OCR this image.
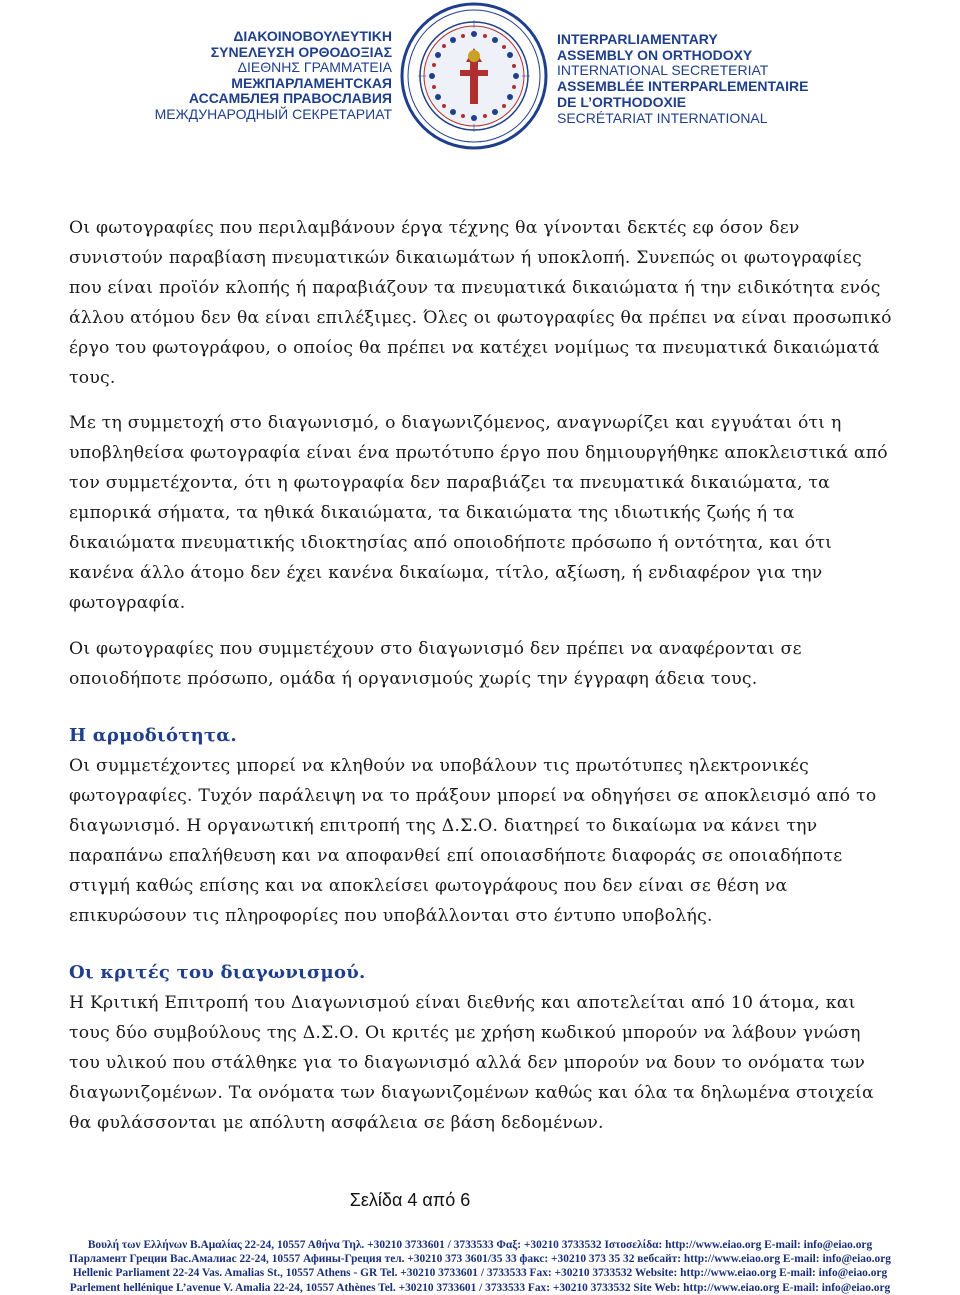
ΔΙΑΚΟΙΝΟΒΟΥΛΕΥΤΙΚΗ
ΣΥΝΕΛΕΥΣΗ ΟΡΘΟΔΟΞΙΑΣ
ΔΙΕΘΝΗΣ ΓΡΑΜΜΑΤΕΙΑ
МЕЖПАРЛАМЕНТСКАЯ
АССАМБЛЕЯ ПРАВОСЛАВИЯ
МЕЖДУНАРОДНЫЙ СЕКРЕТАРИАТ
INTERPARLIAMENTARY
ASSEMBLY ON ORTHODOXY
INTERNATIONAL SECRETERIAT
ASSEMBLÉE INTERPARLEMENTAIRE
DE L’ORTHODOXIE
SECRÉTARIAT INTERNATIONAL

Οι φωτογραφίες που περιλαμβάνουν έργα τέχνης θα γίνονται δεκτές εφ όσον δεν συνιστούν παραβίαση πνευματικών δικαιωμάτων ή υποκλοπή. Συνεπώς οι φωτογραφίες που είναι προϊόν κλοπής ή παραβιάζουν τα πνευματικά δικαιώματα ή την ειδικότητα ενός άλλου ατόμου δεν θα είναι επιλέξιμες. Όλες οι φωτογραφίες θα πρέπει να είναι προσωπικό έργο του φωτογράφου, ο οποίος θα πρέπει να κατέχει νομίμως τα πνευματικά δικαιώματά τους.

Με τη συμμετοχή στο διαγωνισμό, ο διαγωνιζόμενος, αναγνωρίζει και εγγυάται ότι η υποβληθείσα φωτογραφία είναι ένα πρωτότυπο έργο που δημιουργήθηκε αποκλειστικά από τον συμμετέχοντα, ότι η φωτογραφία δεν παραβιάζει τα πνευματικά δικαιώματα, τα εμπορικά σήματα, τα ηθικά δικαιώματα, τα δικαιώματα της ιδιωτικής ζωής ή τα δικαιώματα πνευματικής ιδιοκτησίας από οποιοδήποτε πρόσωπο ή οντότητα, και ότι κανένα άλλο άτομο δεν έχει κανένα δικαίωμα, τίτλο, αξίωση, ή ενδιαφέρον για την φωτογραφία.

Οι φωτογραφίες που συμμετέχουν στο διαγωνισμό δεν πρέπει να αναφέρονται σε οποιοδήποτε πρόσωπο, ομάδα ή οργανισμούς χωρίς την έγγραφη άδεια τους.

Η αρμοδιότητα.

Οι συμμετέχοντες μπορεί να κληθούν να υποβάλουν τις πρωτότυπες ηλεκτρονικές φωτογραφίες. Τυχόν παράλειψη να το πράξουν μπορεί να οδηγήσει σε αποκλεισμό από το διαγωνισμό. Η οργανωτική επιτροπή της Δ.Σ.Ο. διατηρεί το δικαίωμα να κάνει την παραπάνω επαλήθευση και να αποφανθεί επί οποιασδήποτε διαφοράς σε οποιαδήποτε στιγμή καθώς επίσης και να αποκλείσει φωτογράφους που δεν είναι σε θέση να επικυρώσουν τις πληροφορίες που υποβάλλονται στο έντυπο υποβολής.

Οι κριτές του διαγωνισμού.

Η Κριτική Επιτροπή του Διαγωνισμού είναι διεθνής και αποτελείται από 10 άτομα, και τους δύο συμβούλους της Δ.Σ.Ο. Οι κριτές με χρήση κωδικού μπορούν να λάβουν γνώση του υλικού που στάλθηκε για το διαγωνισμό αλλά δεν μπορούν να δουν το ονόματα των διαγωνιζομένων. Τα ονόματα των διαγωνιζομένων καθώς και όλα τα δηλωμένα στοιχεία θα φυλάσσονται με απόλυτη ασφάλεια σε βάση δεδομένων.

Σελίδα 4 από 6
Βουλή των Ελλήνων Β.Αμαλίας 22-24, 10557 Αθήνα Τηλ. +30210 3733601 / 3733533 Φαξ: +30210 3733532 Ιστοσελίδα: http://www.eiao.org E-mail: info@eiao.org
Парламент Греции Вас.Амалиас 22-24, 10557 Афины-Греция тел. +30210 373 3601/35 33 факс: +30210 373 35 32 вебсайт: http://www.eiao.org E-mail: info@eiao.org
Hellenic Parliament 22-24 Vas. Amalias St., 10557 Athens - GR Tel. +30210 3733601 / 3733533 Fax: +30210 3733532 Website: http://www.eiao.org E-mail: info@eiao.org
Parlement hellénique L’avenue V. Amalia 22-24, 10557 Athènes Tel. +30210 3733601 / 3733533 Fax: +30210 3733532 Site Web: http://www.eiao.org E-mail: info@eiao.org
